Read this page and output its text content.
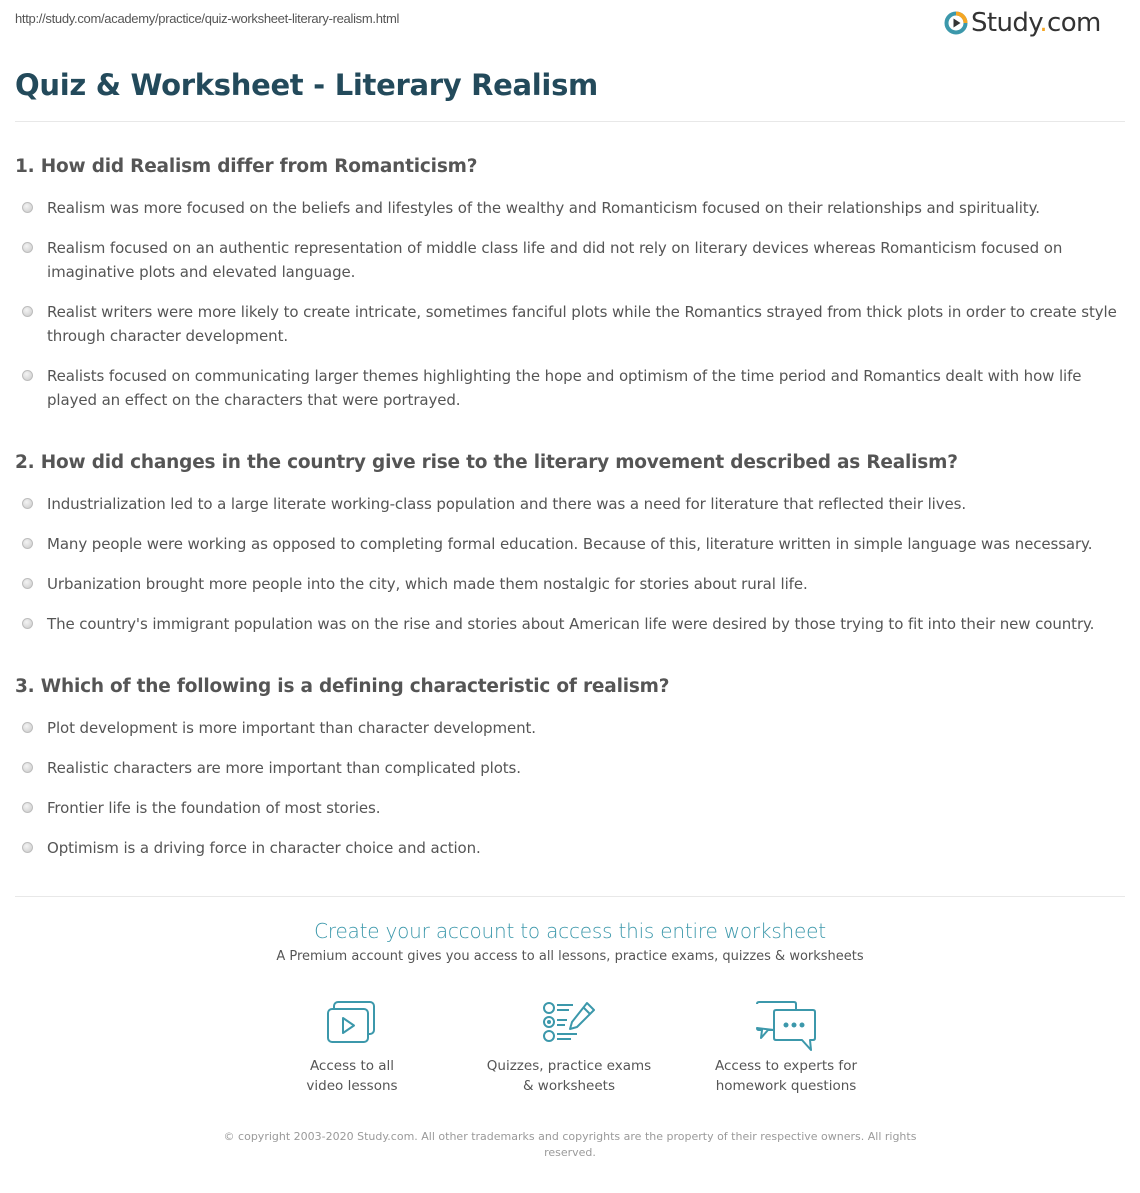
http://study.com/academy/practice/quiz-worksheet-literary-realism.html	Study.com
Quiz & Worksheet - Literary Realism
1. How did Realism differ from Romanticism?
Realism was more focused on the beliefs and lifestyles of the wealthy and Romanticism focused on their relationships and spirituality.
Realism focused on an authentic representation of middle class life and did not rely on literary devices whereas Romanticism focused on imaginative plots and elevated language.
Realist writers were more likely to create intricate, sometimes fanciful plots while the Romantics strayed from thick plots in order to create style through character development.
Realists focused on communicating larger themes highlighting the hope and optimism of the time period and Romantics dealt with how life played an effect on the characters that were portrayed.
2. How did changes in the country give rise to the literary movement described as Realism?
Industrialization led to a large literate working-class population and there was a need for literature that reflected their lives.
Many people were working as opposed to completing formal education. Because of this, literature written in simple language was necessary.
Urbanization brought more people into the city, which made them nostalgic for stories about rural life.
The country's immigrant population was on the rise and stories about American life were desired by those trying to fit into their new country.
3. Which of the following is a defining characteristic of realism?
Plot development is more important than character development.
Realistic characters are more important than complicated plots.
Frontier life is the foundation of most stories.
Optimism is a driving force in character choice and action.
Create your account to access this entire worksheet
A Premium account gives you access to all lessons, practice exams, quizzes & worksheets
Access to all
video lessons
Quizzes, practice exams
& worksheets
Access to experts for
homework questions
© copyright 2003-2020 Study.com. All other trademarks and copyrights are the property of their respective owners. All rights reserved.
